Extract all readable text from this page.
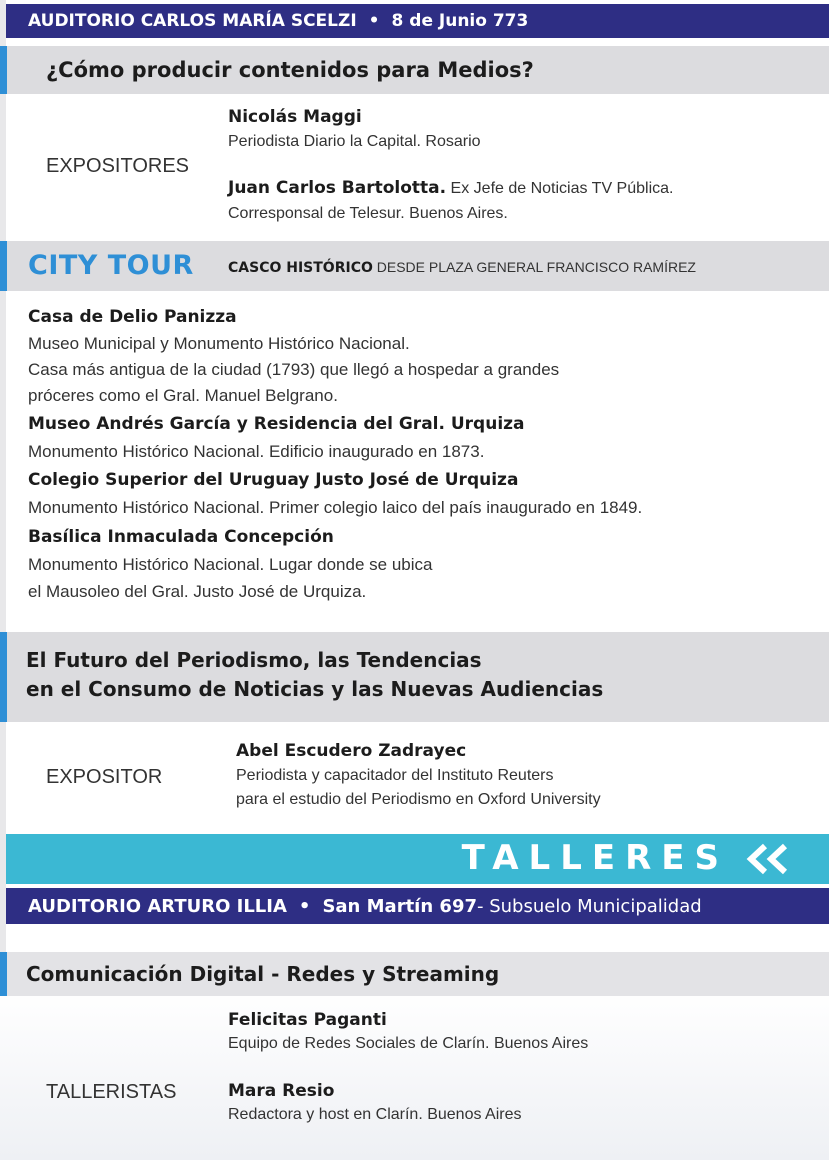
AUDITORIO CARLOS MARÍA SCELZI • 8 de Junio 773
¿Cómo producir contenidos para Medios?
EXPOSITORES
Nicolás Maggi
Periodista Diario la Capital. Rosario
Juan Carlos Bartolotta. Ex Jefe de Noticias TV Pública.
Corresponsal de Telesur. Buenos Aires.
CITY TOUR CASCO HISTÓRICO DESDE PLAZA GENERAL FRANCISCO RAMÍREZ
Casa de Delio Panizza
Museo Municipal y Monumento Histórico Nacional.
Casa más antigua de la ciudad (1793) que llegó a hospedar a grandes
próceres como el Gral. Manuel Belgrano.
Museo Andrés García y Residencia del Gral. Urquiza
Monumento Histórico Nacional. Edificio inaugurado en 1873.
Colegio Superior del Uruguay Justo José de Urquiza
Monumento Histórico Nacional. Primer colegio laico del país inaugurado en 1849.
Basílica Inmaculada Concepción
Monumento Histórico Nacional. Lugar donde se ubica
el Mausoleo del Gral. Justo José de Urquiza.
El Futuro del Periodismo, las Tendencias
en el Consumo de Noticias y las Nuevas Audiencias
EXPOSITOR
Abel Escudero Zadrayec
Periodista y capacitador del Instituto Reuters
para el estudio del Periodismo en Oxford University
TALLERES
AUDITORIO ARTURO ILLIA • San Martín 697 - Subsuelo Municipalidad
Comunicación Digital - Redes y Streaming
TALLERISTAS
Felicitas Paganti
Equipo de Redes Sociales de Clarín. Buenos Aires
Mara Resio
Redactora y host en Clarín. Buenos Aires
